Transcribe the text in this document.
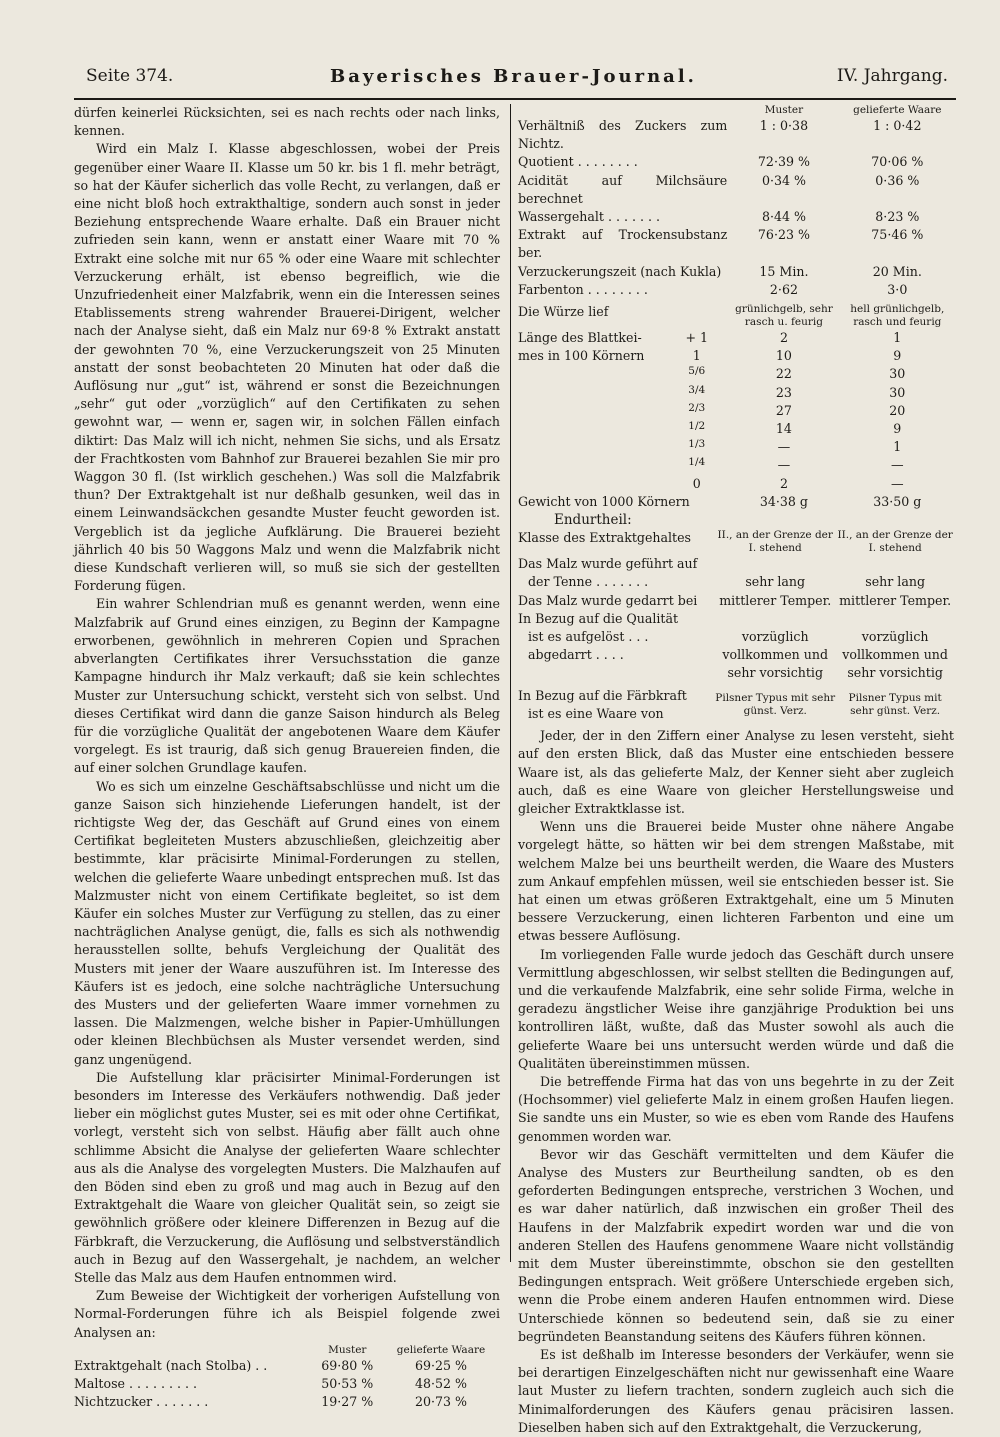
Seite 374.	Bayerisches Brauer-Journal.	IV. Jahrgang.

dürfen keinerlei Rücksichten, sei es nach rechts oder nach links, kennen.

Wird ein Malz I. Klasse abgeschlossen, wobei der Preis gegenüber einer Waare II. Klasse um 50 kr. bis 1 fl. mehr beträgt, so hat der Käufer sicherlich das volle Recht, zu verlangen, daß er eine nicht bloß hoch extrakthaltige, sondern auch sonst in jeder Beziehung entsprechende Waare erhalte. Daß ein Brauer nicht zufrieden sein kann, wenn er anstatt einer Waare mit 70 % Extrakt eine solche mit nur 65 % oder eine Waare mit schlechter Verzuckerung erhält, ist ebenso begreiflich, wie die Unzufriedenheit einer Malzfabrik, wenn ein die Interessen seines Etablissements streng wahrender Brauerei-Dirigent, welcher nach der Analyse sieht, daß ein Malz nur 69·8 % Extrakt anstatt der gewohnten 70 %, eine Verzuckerungszeit von 25 Minuten anstatt der sonst beobachteten 20 Minuten hat oder daß die Auflösung nur „gut“ ist, während er sonst die Bezeichnungen „sehr“ gut oder „vorzüglich“ auf den Certifikaten zu sehen gewohnt war, — wenn er, sagen wir, in solchen Fällen einfach diktirt: Das Malz will ich nicht, nehmen Sie sichs, und als Ersatz der Frachtkosten vom Bahnhof zur Brauerei bezahlen Sie mir pro Waggon 30 fl. (Ist wirklich geschehen.) Was soll die Malzfabrik thun? Der Extraktgehalt ist nur deßhalb gesunken, weil das in einem Leinwandsäckchen gesandte Muster feucht geworden ist. Vergeblich ist da jegliche Aufklärung. Die Brauerei bezieht jährlich 40 bis 50 Waggons Malz und wenn die Malzfabrik nicht diese Kundschaft verlieren will, so muß sie sich der gestellten Forderung fügen.

Ein wahrer Schlendrian muß es genannt werden, wenn eine Malzfabrik auf Grund eines einzigen, zu Beginn der Kampagne erworbenen, gewöhnlich in mehreren Copien und Sprachen abverlangten Certifikates ihrer Versuchsstation die ganze Kampagne hindurch ihr Malz verkauft; daß sie kein schlechtes Muster zur Untersuchung schickt, versteht sich von selbst. Und dieses Certifikat wird dann die ganze Saison hindurch als Beleg für die vorzügliche Qualität der angebotenen Waare dem Käufer vorgelegt. Es ist traurig, daß sich genug Brauereien finden, die auf einer solchen Grundlage kaufen.

Wo es sich um einzelne Geschäftsabschlüsse und nicht um die ganze Saison sich hinziehende Lieferungen handelt, ist der richtigste Weg der, das Geschäft auf Grund eines von einem Certifikat begleiteten Musters abzuschließen, gleichzeitig aber bestimmte, klar präcisirte Minimal-Forderungen zu stellen, welchen die gelieferte Waare unbedingt entsprechen muß. Ist das Malzmuster nicht von einem Certifikate begleitet, so ist dem Käufer ein solches Muster zur Verfügung zu stellen, das zu einer nachträglichen Analyse genügt, die, falls es sich als nothwendig herausstellen sollte, behufs Vergleichung der Qualität des Musters mit jener der Waare auszuführen ist. Im Interesse des Käufers ist es jedoch, eine solche nachträgliche Untersuchung des Musters und der gelieferten Waare immer vornehmen zu lassen. Die Malzmengen, welche bisher in Papier-Umhüllungen oder kleinen Blechbüchsen als Muster versendet werden, sind ganz ungenügend.

Die Aufstellung klar präcisirter Minimal-Forderungen ist besonders im Interesse des Verkäufers nothwendig. Daß jeder lieber ein möglichst gutes Muster, sei es mit oder ohne Certifikat, vorlegt, versteht sich von selbst. Häufig aber fällt auch ohne schlimme Absicht die Analyse der gelieferten Waare schlechter aus als die Analyse des vorgelegten Musters. Die Malzhaufen auf den Böden sind eben zu groß und mag auch in Bezug auf den Extraktgehalt die Waare von gleicher Qualität sein, so zeigt sie gewöhnlich größere oder kleinere Differenzen in Bezug auf die Färbkraft, die Verzuckerung, die Auflösung und selbstverständlich auch in Bezug auf den Wassergehalt, je nachdem, an welcher Stelle das Malz aus dem Haufen entnommen wird.

Zum Beweise der Wichtigkeit der vorherigen Aufstellung von Normal-Forderungen führe ich als Beispiel folgende zwei Analysen an:

	Muster	gelieferte Waare
Extraktgehalt (nach Stolba) . .	69·80 %	69·25 %
Maltose . . . . . . . . .	50·53 %	48·52 %
Nichtzucker . . . . . . .	19·27 %	20·73 %
	Muster	gelieferte Waare
Verhältniß des Zuckers zum Nichtz.	1 : 0·38	1 : 0·42
Quotient . . . . . . . .	72·39 %	70·06 %
Acidität auf Milchsäure berechnet	0·34 %	0·36 %
Wassergehalt . . . . . . .	8·44 %	8·23 %
Extrakt auf Trockensubstanz ber.	76·23 %	75·46 %
Verzuckerungszeit (nach Kukla)	15 Min.	20 Min.
Farbenton . . . . . . . .	2·62	3·0

Die Würze lief	grünlichgelb, sehr rasch u. feurig	hell grünlichgelb, rasch und feurig
Länge des Blattkei-	+ 1	2	1
mes in 100 Körnern	1	10	9
	5/6	22	30
	3/4	23	30
	2/3	27	20
	1/2	14	9
	1/3	—	1
	1/4	—	—
	0	2	—
Gewicht von 1000 Körnern		34·38 g	33·50 g
Endurtheil:		
Klasse des Extraktgehaltes	II., an der Grenze der I. stehend	II., an der Grenze der I. stehend
Das Malz wurde geführt auf		
der Tenne . . . . . . .	sehr lang	sehr lang
Das Malz wurde gedarrt bei	mittlerer Temper.	mittlerer Temper.
In Bezug auf die Qualität		
ist es aufgelöst . . .	vorzüglich	vorzüglich
abgedarrt . . . .	vollkommen und	vollkommen und
	sehr vorsichtig	sehr vorsichtig

In Bezug auf die Färbkraft	Pilsner Typus mit sehr günst. Verz.	Pilsner Typus mit sehr günst. Verz.
ist es eine Waare von		

Jeder, der in den Ziffern einer Analyse zu lesen versteht, sieht auf den ersten Blick, daß das Muster eine entschieden bessere Waare ist, als das gelieferte Malz, der Kenner sieht aber zugleich auch, daß es eine Waare von gleicher Herstellungsweise und gleicher Extraktklasse ist.

Wenn uns die Brauerei beide Muster ohne nähere Angabe vorgelegt hätte, so hätten wir bei dem strengen Maßstabe, mit welchem Malze bei uns beurtheilt werden, die Waare des Musters zum Ankauf empfehlen müssen, weil sie entschieden besser ist. Sie hat einen um etwas größeren Extraktgehalt, eine um 5 Minuten bessere Verzuckerung, einen lichteren Farbenton und eine um etwas bessere Auflösung.

Im vorliegenden Falle wurde jedoch das Geschäft durch unsere Vermittlung abgeschlossen, wir selbst stellten die Bedingungen auf, und die verkaufende Malzfabrik, eine sehr solide Firma, welche in geradezu ängstlicher Weise ihre ganzjährige Produktion bei uns kontrolliren läßt, wußte, daß das Muster sowohl als auch die gelieferte Waare bei uns untersucht werden würde und daß die Qualitäten übereinstimmen müssen.

Die betreffende Firma hat das von uns begehrte in zu der Zeit (Hochsommer) viel gelieferte Malz in einem großen Haufen liegen. Sie sandte uns ein Muster, so wie es eben vom Rande des Haufens genommen worden war.

Bevor wir das Geschäft vermittelten und dem Käufer die Analyse des Musters zur Beurtheilung sandten, ob es den geforderten Bedingungen entspreche, verstrichen 3 Wochen, und es war daher natürlich, daß inzwischen ein großer Theil des Haufens in der Malzfabrik expedirt worden war und die von anderen Stellen des Haufens genommene Waare nicht vollständig mit dem Muster übereinstimmte, obschon sie den gestellten Bedingungen entsprach. Weit größere Unterschiede ergeben sich, wenn die Probe einem anderen Haufen entnommen wird. Diese Unterschiede können so bedeutend sein, daß sie zu einer begründeten Beanstandung seitens des Käufers führen können.

Es ist deßhalb im Interesse besonders der Verkäufer, wenn sie bei derartigen Einzelgeschäften nicht nur gewissenhaft eine Waare laut Muster zu liefern trachten, sondern zugleich auch sich die Minimalforderungen des Käufers genau präcisiren lassen. Dieselben haben sich auf den Extraktgehalt, die Verzuckerung,
